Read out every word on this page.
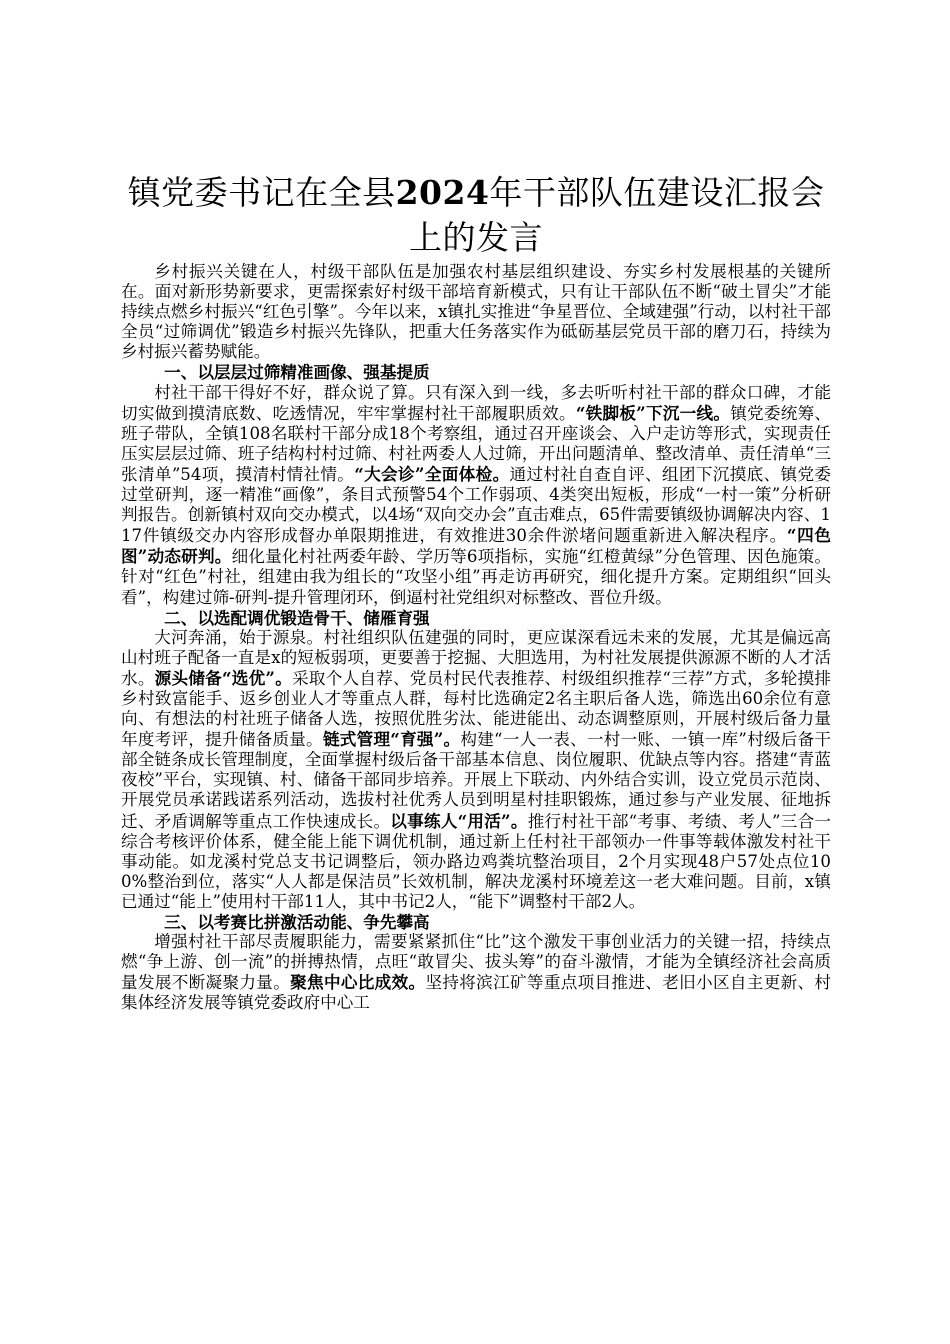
镇党委书记在全县2024年干部队伍建设汇报会上的发言

乡村振兴关键在人，村级干部队伍是加强农村基层组织建设、夯实乡村发展根基的关键所在。面对新形势新要求，更需探索好村级干部培育新模式，只有让干部队伍不断“破土冒尖”才能持续点燃乡村振兴“红色引擎”。今年以来，x镇扎实推进“争星晋位、全域建强”行动，以村社干部全员“过筛调优”锻造乡村振兴先锋队，把重大任务落实作为砥砺基层党员干部的磨刀石，持续为乡村振兴蓄势赋能。

一、以层层过筛精准画像、强基提质

村社干部干得好不好，群众说了算。只有深入到一线，多去听听村社干部的群众口碑，才能切实做到摸清底数、吃透情况，牢牢掌握村社干部履职质效。“铁脚板”下沉一线。镇党委统筹、班子带队，全镇108名联村干部分成18个考察组，通过召开座谈会、入户走访等形式，实现责任压实层层过筛、班子结构村村过筛、村社两委人人过筛，开出问题清单、整改清单、责任清单“三张清单”54项，摸清村情社情。“大会诊”全面体检。通过村社自查自评、组团下沉摸底、镇党委过堂研判，逐一精准“画像”，条目式预警54个工作弱项、4类突出短板，形成“一村一策”分析研判报告。创新镇村双向交办模式，以4场“双向交办会”直击难点，65件需要镇级协调解决内容、117件镇级交办内容形成督办单限期推进，有效推进30余件淤堵问题重新进入解决程序。“四色图”动态研判。细化量化村社两委年龄、学历等6项指标，实施“红橙黄绿”分色管理、因色施策。针对“红色”村社，组建由我为组长的“攻坚小组”再走访再研究，细化提升方案。定期组织“回头看”，构建过筛-研判-提升管理闭环，倒逼村社党组织对标整改、晋位升级。

二、以选配调优锻造骨干、储雁育强

大河奔涌，始于源泉。村社组织队伍建强的同时，更应谋深看远未来的发展，尤其是偏远高山村班子配备一直是x的短板弱项，更要善于挖掘、大胆选用，为村社发展提供源源不断的人才活水。源头储备“选优”。采取个人自荐、党员村民代表推荐、村级组织推荐“三荐”方式，多轮摸排乡村致富能手、返乡创业人才等重点人群，每村比选确定2名主职后备人选，筛选出60余位有意向、有想法的村社班子储备人选，按照优胜劣汰、能进能出、动态调整原则，开展村级后备力量年度考评，提升储备质量。链式管理“育强”。构建“一人一表、一村一账、一镇一库”村级后备干部全链条成长管理制度，全面掌握村级后备干部基本信息、岗位履职、优缺点等内容。搭建“青蓝夜校”平台，实现镇、村、储备干部同步培养。开展上下联动、内外结合实训，设立党员示范岗、开展党员承诺践诺系列活动，选拔村社优秀人员到明星村挂职锻炼，通过参与产业发展、征地拆迁、矛盾调解等重点工作快速成长。以事练人“用活”。推行村社干部“考事、考绩、考人”三合一综合考核评价体系，健全能上能下调优机制，通过新上任村社干部领办一件事等载体激发村社干事动能。如龙溪村党总支书记调整后，领办路边鸡粪坑整治项目，2个月实现48户57处点位100%整治到位，落实“人人都是保洁员”长效机制，解决龙溪村环境差这一老大难问题。目前，x镇已通过“能上”使用村干部11人，其中书记2人，“能下”调整村干部2人。

三、以考赛比拼激活动能、争先攀高

增强村社干部尽责履职能力，需要紧紧抓住“比”这个激发干事创业活力的关键一招，持续点燃“争上游、创一流”的拼搏热情，点旺“敢冒尖、拔头筹”的奋斗激情，才能为全镇经济社会高质量发展不断凝聚力量。聚焦中心比成效。坚持将滨江矿等重点项目推进、老旧小区自主更新、村集体经济发展等镇党委政府中心工
